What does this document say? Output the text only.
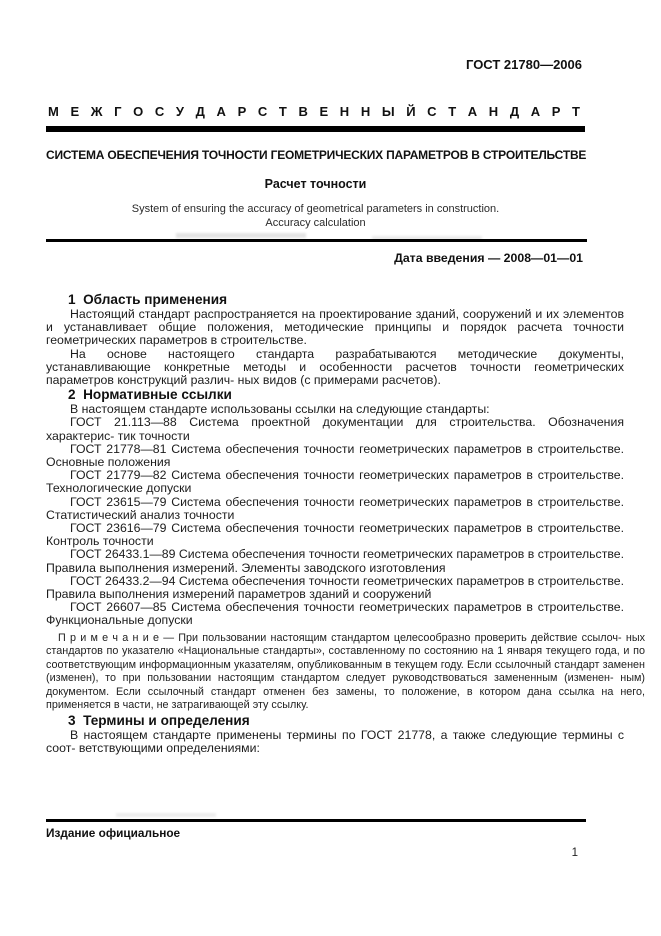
ГОСТ 21780—2006
М Е Ж Г О С У Д А Р С Т В Е Н Н Ы Й С Т А Н Д А Р Т
СИСТЕМА ОБЕСПЕЧЕНИЯ ТОЧНОСТИ ГЕОМЕТРИЧЕСКИХ ПАРАМЕТРОВ В СТРОИТЕЛЬСТВЕ
Расчет точности
System of ensuring the accuracy of geometrical parameters in construction.
Accuracy calculation
Дата введения — 2008—01—01
1  Область применения

Настоящий стандарт распространяется на проектирование зданий, сооружений и их элементов и устанавливает общие положения, методические принципы и порядок расчета точности геометрических параметров в строительстве.

На основе настоящего стандарта разрабатываются методические документы, устанавливающие конкретные методы и особенности расчетов точности геометрических параметров конструкций различ- ных видов (с примерами расчетов).

2  Нормативные ссылки

В настоящем стандарте использованы ссылки на следующие стандарты:

ГОСТ 21.113—88 Система проектной документации для строительства. Обозначения характерис- тик точности

ГОСТ 21778—81 Система обеспечения точности геометрических параметров в строительстве. Основные положения

ГОСТ 21779—82 Система обеспечения точности геометрических параметров в строительстве. Технологические допуски

ГОСТ 23615—79 Система обеспечения точности геометрических параметров в строительстве. Статистический анализ точности

ГОСТ 23616—79 Система обеспечения точности геометрических параметров в строительстве. Контроль точности

ГОСТ 26433.1—89 Система обеспечения точности геометрических параметров в строительстве. Правила выполнения измерений. Элементы заводского изготовления

ГОСТ 26433.2—94 Система обеспечения точности геометрических параметров в строительстве. Правила выполнения измерений параметров зданий и сооружений

ГОСТ 26607—85 Система обеспечения точности геометрических параметров в строительстве. Функциональные допуски

П р и м е ч а н и е — При пользовании настоящим стандартом целесообразно проверить действие ссылоч- ных стандартов по указателю «Национальные стандарты», составленному по состоянию на 1 января текущего года, и по соответствующим информационным указателям, опубликованным в текущем году. Если ссылочный стандарт заменен (изменен), то при пользовании настоящим стандартом следует руководствоваться замененным (изменен- ным) документом. Если ссылочный стандарт отменен без замены, то положение, в котором дана ссылка на него, применяется в части, не затрагивающей эту ссылку.
3  Термины и определения

В настоящем стандарте применены термины по ГОСТ 21778, а также следующие термины с соот- ветствующими определениями:

Издание официальное
1
